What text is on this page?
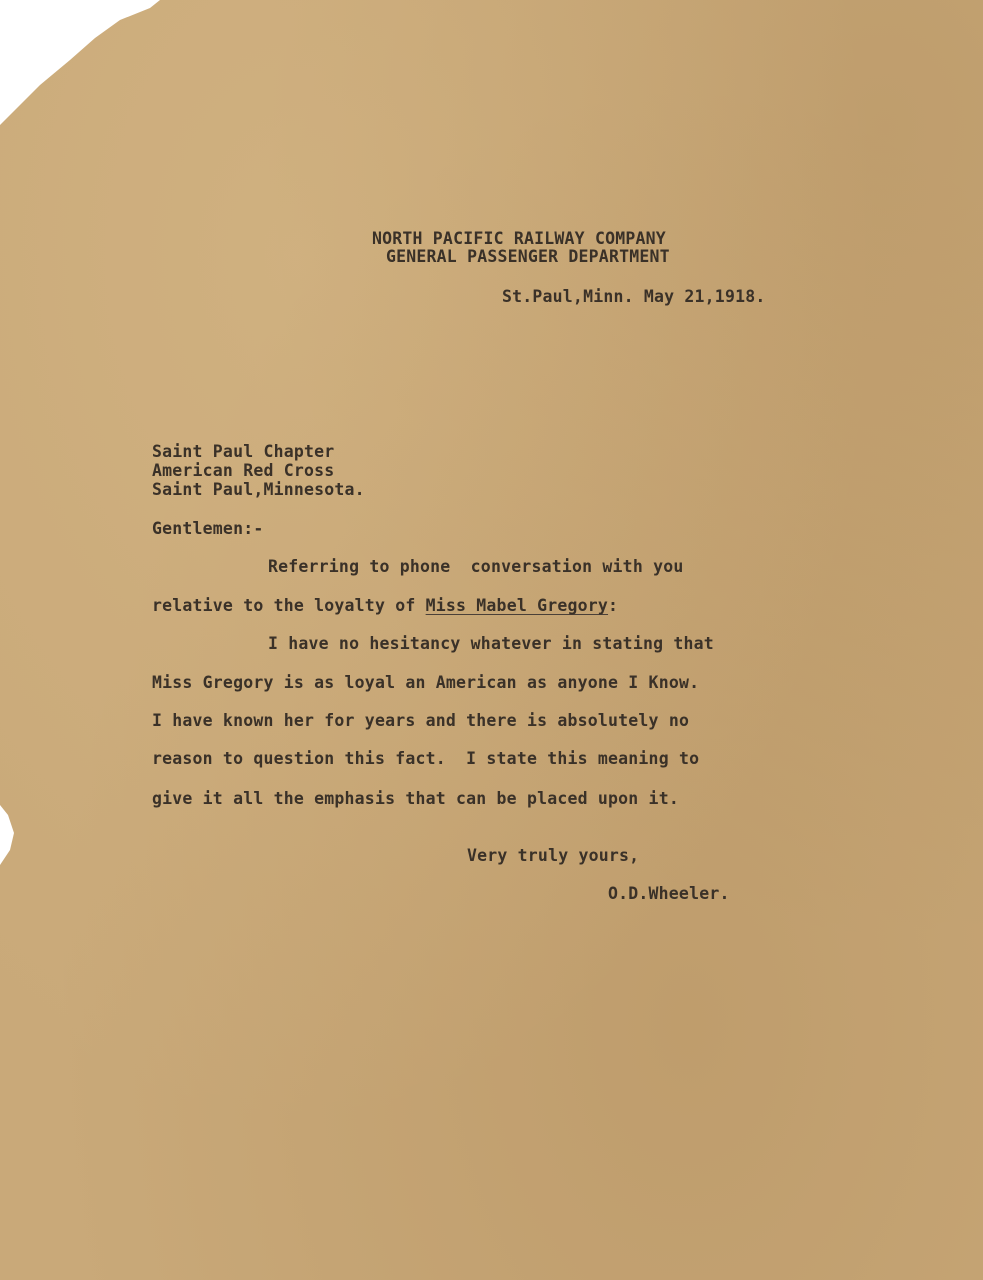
NORTH PACIFIC RAILWAY COMPANY
GENERAL PASSENGER DEPARTMENT
St.Paul,Minn. May 21,1918.
Saint Paul Chapter
American Red Cross
Saint Paul,Minnesota.
Gentlemen:-
Referring to phone  conversation with you
relative to the loyalty of Miss Mabel Gregory:
I have no hesitancy whatever in stating that
Miss Gregory is as loyal an American as anyone I Know.
I have known her for years and there is absolutely no
reason to question this fact.  I state this meaning to
give it all the emphasis that can be placed upon it.
Very truly yours,
O.D.Wheeler.
